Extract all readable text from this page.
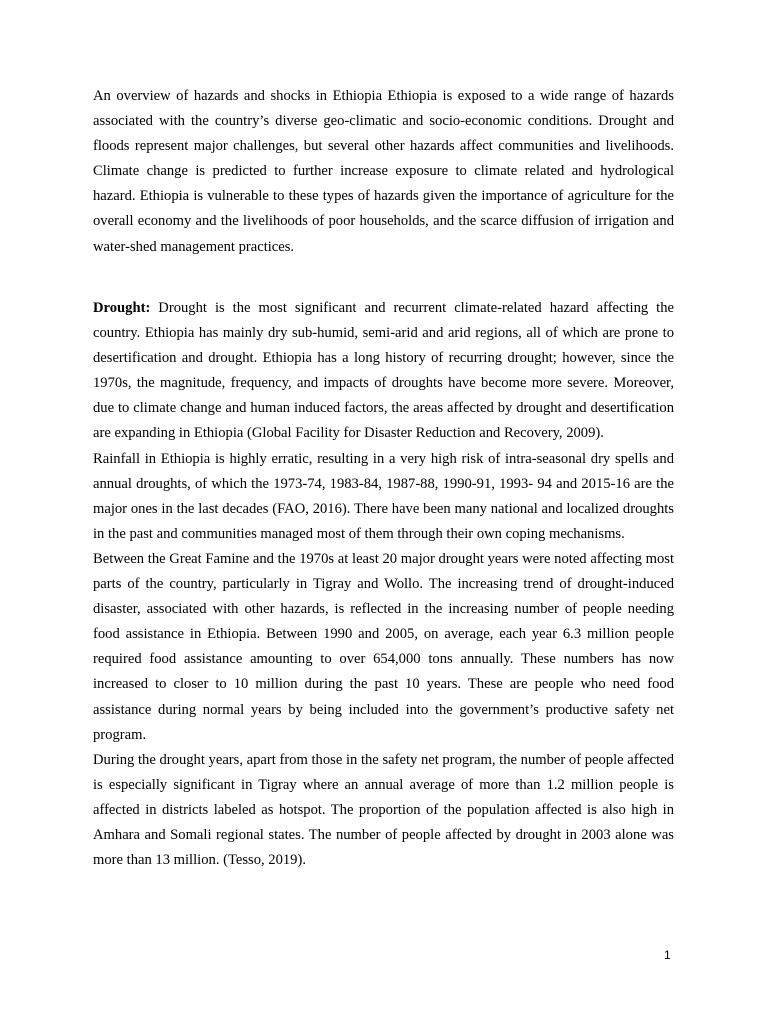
An overview of hazards and shocks in Ethiopia Ethiopia is exposed to a wide range of hazards associated with the country’s diverse geo-climatic and socio-economic conditions. Drought and floods represent major challenges, but several other hazards affect communities and livelihoods. Climate change is predicted to further increase exposure to climate related and hydrological hazard. Ethiopia is vulnerable to these types of hazards given the importance of agriculture for the overall economy and the livelihoods of poor households, and the scarce diffusion of irrigation and water-shed management practices.

Drought: Drought is the most significant and recurrent climate-related hazard affecting the country. Ethiopia has mainly dry sub-humid, semi-arid and arid regions, all of which are prone to desertification and drought. Ethiopia has a long history of recurring drought; however, since the 1970s, the magnitude, frequency, and impacts of droughts have become more severe. Moreover, due to climate change and human induced factors, the areas affected by drought and desertification are expanding in Ethiopia (Global Facility for Disaster Reduction and Recovery, 2009).

Rainfall in Ethiopia is highly erratic, resulting in a very high risk of intra-seasonal dry spells and annual droughts, of which the 1973-74, 1983-84, 1987-88, 1990-91, 1993- 94 and 2015-16 are the major ones in the last decades (FAO, 2016). There have been many national and localized droughts in the past and communities managed most of them through their own coping mechanisms.

Between the Great Famine and the 1970s at least 20 major drought years were noted affecting most parts of the country, particularly in Tigray and Wollo. The increasing trend of drought-induced disaster, associated with other hazards, is reflected in the increasing number of people needing food assistance in Ethiopia. Between 1990 and 2005, on average, each year 6.3 million people required food assistance amounting to over 654,000 tons annually. These numbers has now increased to closer to 10 million during the past 10 years. These are people who need food assistance during normal years by being included into the government’s productive safety net program.

During the drought years, apart from those in the safety net program, the number of people affected is especially significant in Tigray where an annual average of more than 1.2 million people is affected in districts labeled as hotspot. The proportion of the population affected is also high in Amhara and Somali regional states. The number of people affected by drought in 2003 alone was more than 13 million. (Tesso, 2019).

1
